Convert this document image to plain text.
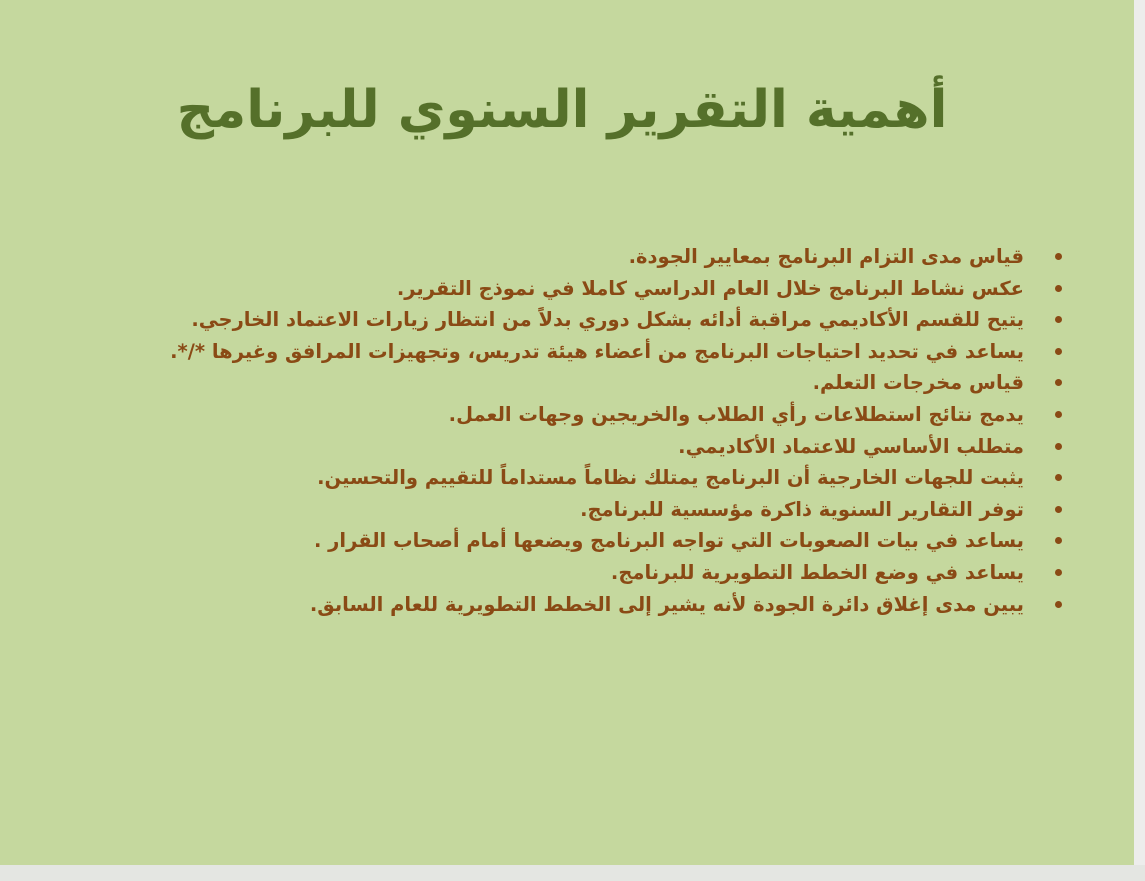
أهمية التقرير السنوي للبرنامج
قياس مدى التزام البرنامج بمعايير الجودة.
عكس نشاط البرنامج خلال العام الدراسي كاملا في نموذج التقرير.
يتيح للقسم الأكاديمي مراقبة أدائه بشكل دوري بدلاً من انتظار زيارات الاعتماد الخارجي.
يساعد في تحديد احتياجات البرنامج من أعضاء هيئة تدريس، وتجهيزات المرافق وغيرها */*.
قياس مخرجات التعلم.
يدمج نتائج استطلاعات رأي الطلاب والخريجين وجهات العمل.
متطلب الأساسي للاعتماد الأكاديمي.
يثبت للجهات الخارجية أن البرنامج يمتلك نظاماً مستداماً للتقييم والتحسين.
توفر التقارير السنوية ذاكرة مؤسسية للبرنامج.
يساعد في بيات الصعوبات التي تواجه البرنامج ويضعها أمام أصحاب القرار .
يساعد في وضع الخطط التطويرية للبرنامج.
يبين مدى إغلاق دائرة الجودة لأنه يشير إلى الخطط التطويرية للعام السابق.
